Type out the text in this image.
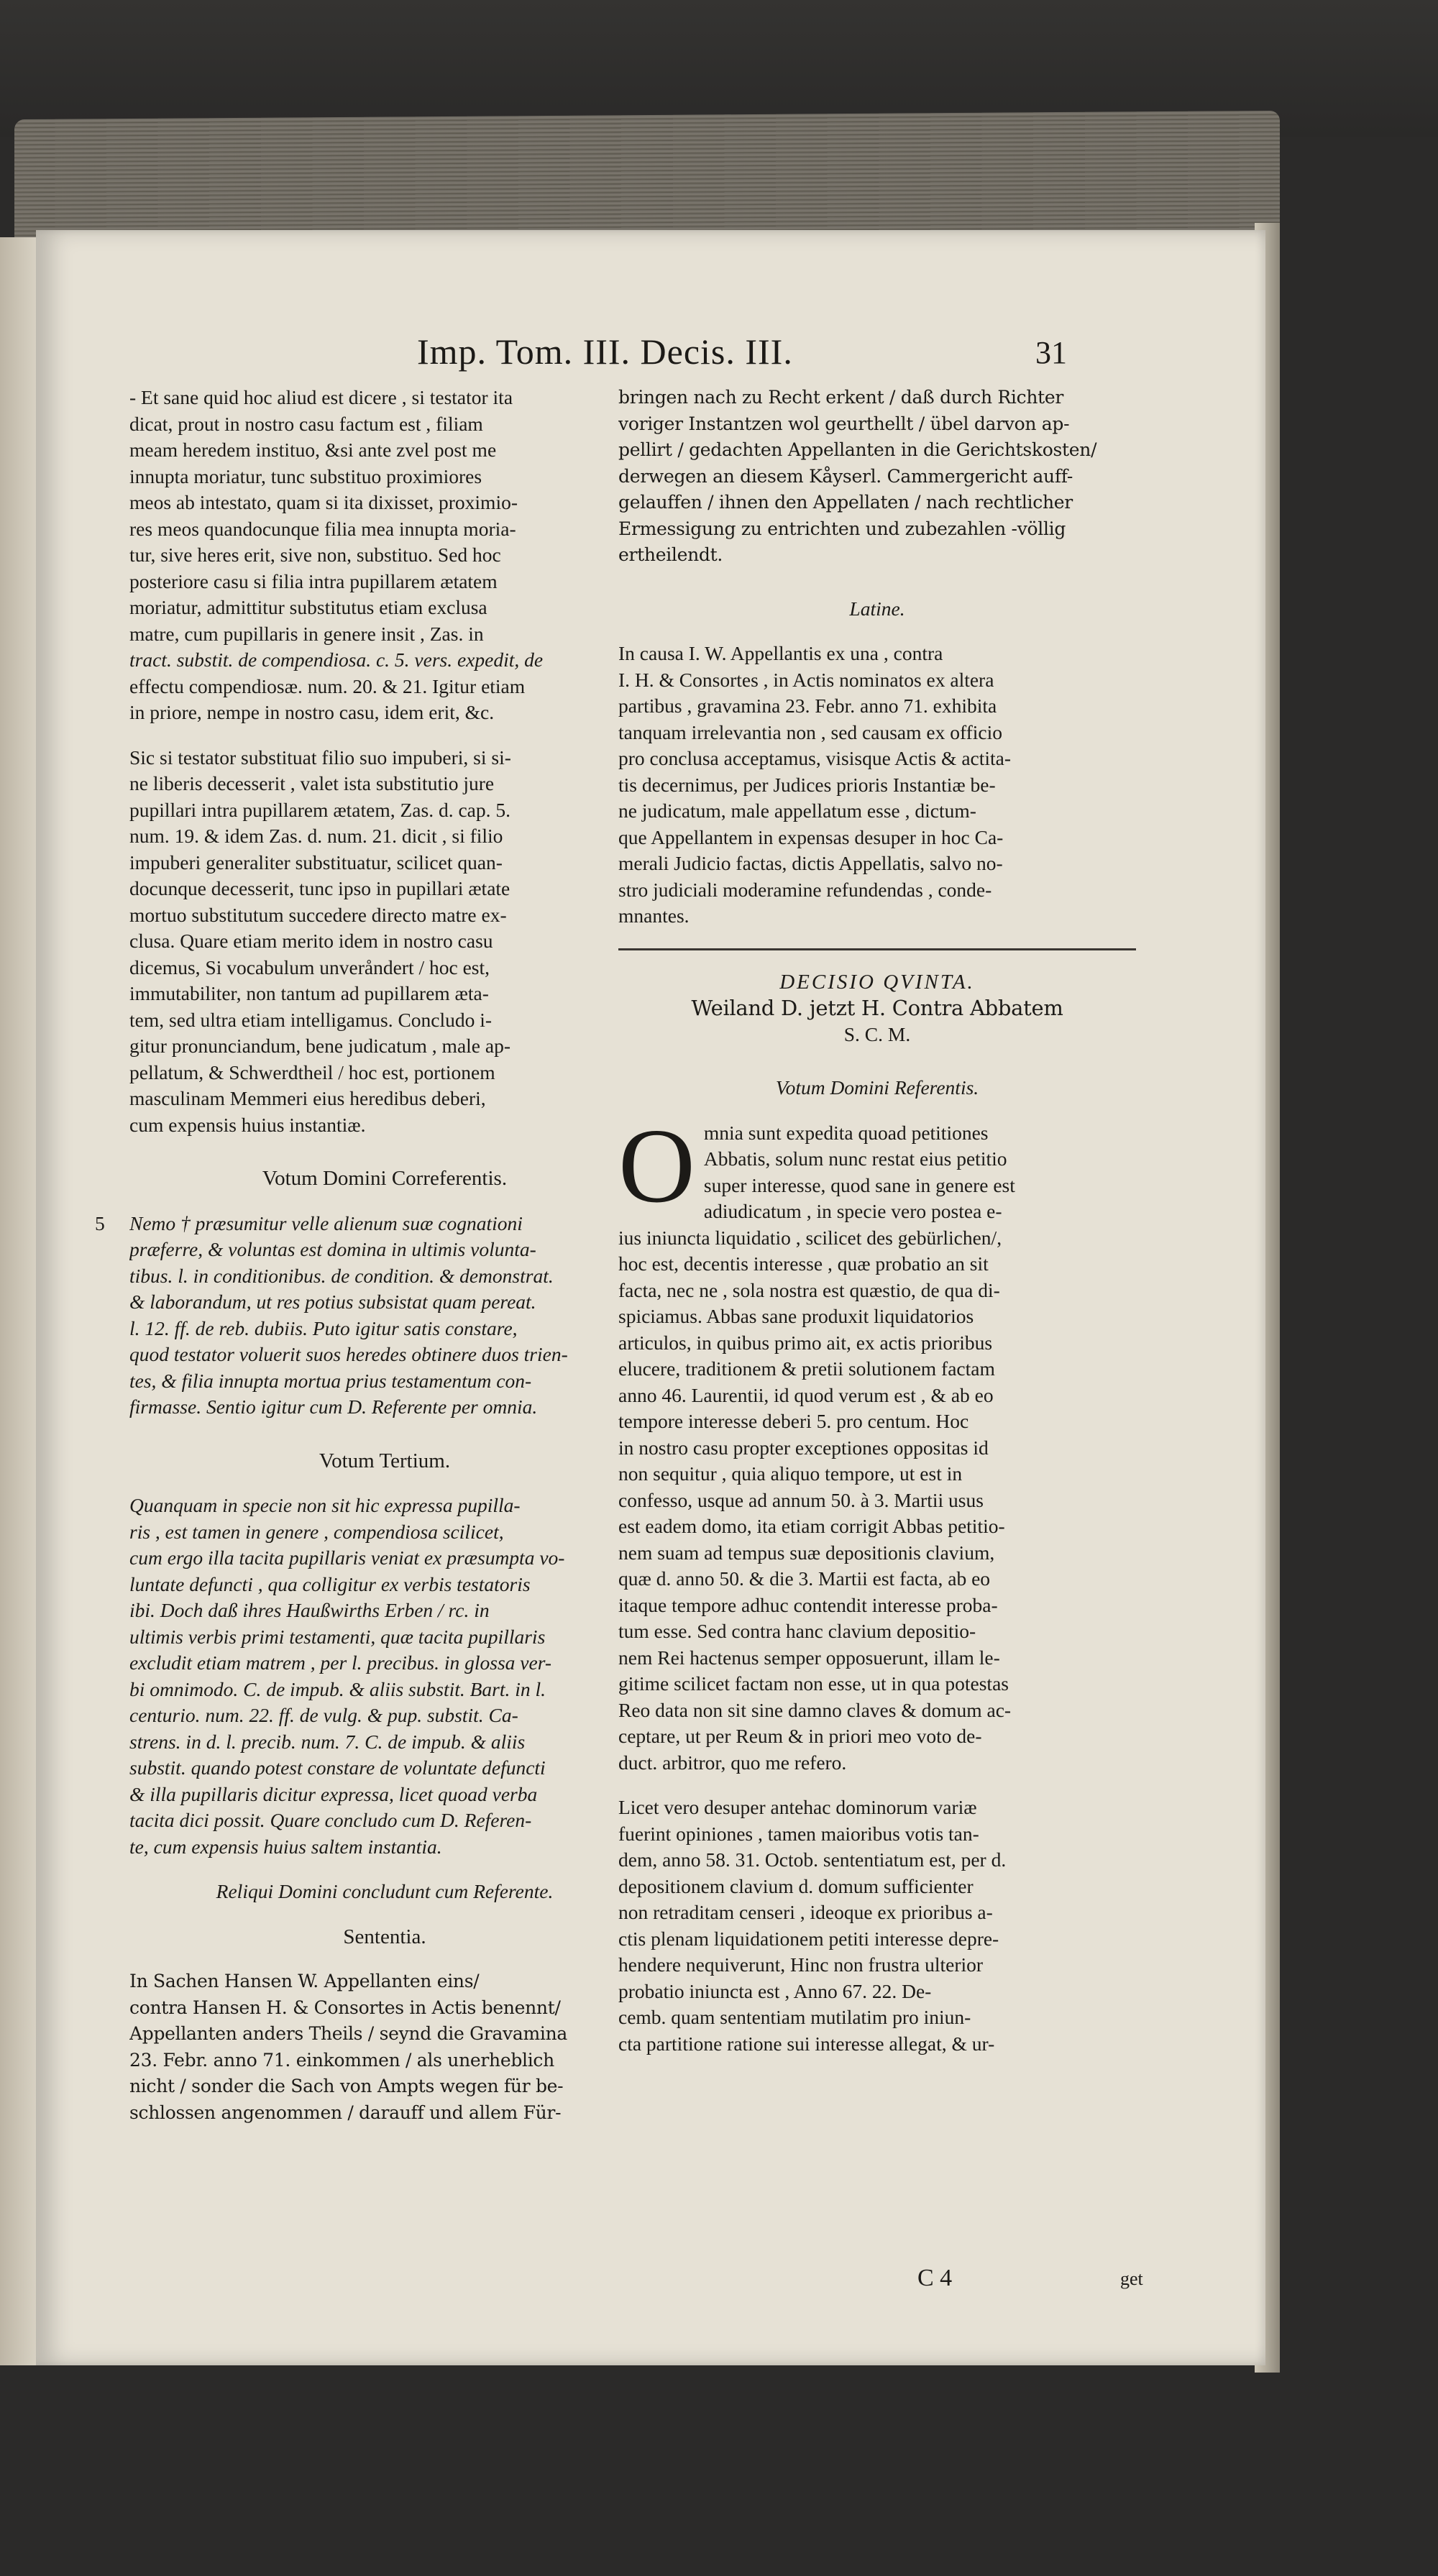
Imp. Tom. III. Decis. III.	31
- Et sane quid hoc aliud est dicere , si testator ita
dicat, prout in nostro casu factum est , filiam
meam heredem instituo, &si ante zvel post me
innupta moriatur, tunc substituo proximiores
meos ab intestato, quam si ita dixisset, proximio-
res meos quandocunque filia mea innupta moria-
tur, sive heres erit, sive non, substituo. Sed hoc
posteriore casu si filia intra pupillarem ætatem
moriatur, admittitur substitutus etiam exclusa
matre, cum pupillaris in genere insit , Zas. in
tract. substit. de compendiosa. c. 5. vers. expedit, de
effectu compendiosæ. num. 20. & 21. Igitur etiam
in priore, nempe in nostro casu, idem erit, &c.
Sic si testator substituat filio suo impuberi, si si-
ne liberis decesserit , valet ista substitutio jure
pupillari intra pupillarem ætatem, Zas. d. cap. 5.
num. 19. & idem Zas. d. num. 21. dicit , si filio
impuberi generaliter substituatur, scilicet quan-
docunque decesserit, tunc ipso in pupillari ætate
mortuo substitutum succedere directo matre ex-
clusa. Quare etiam merito idem in nostro casu
dicemus, Si vocabulum unveråndert / hoc est,
immutabiliter, non tantum ad pupillarem æta-
tem, sed ultra etiam intelligamus. Concludo i-
gitur pronunciandum, bene judicatum , male ap-
pellatum, & Schwerdtheil / hoc est, portionem
masculinam Memmeri eius heredibus deberi,
cum expensis huius instantiæ.
Votum Domini Correferentis.
5 Nemo † præsumitur velle alienum suæ cognationi
præferre, & voluntas est domina in ultimis volunta-
tibus. l. in conditionibus. de condition. & demonstrat.
& laborandum, ut res potius subsistat quam pereat.
l. 12. ff. de reb. dubiis. Puto igitur satis constare,
quod testator voluerit suos heredes obtinere duos trien-
tes, & filia innupta mortua prius testamentum con-
firmasse. Sentio igitur cum D. Referente per omnia.
Votum Tertium.
Quanquam in specie non sit hic expressa pupilla-
ris , est tamen in genere , compendiosa scilicet,
cum ergo illa tacita pupillaris veniat ex præsumpta vo-
luntate defuncti , qua colligitur ex verbis testatoris
ibi. Doch daß ihres Haußwirths Erben / rc. in
ultimis verbis primi testamenti, quæ tacita pupillaris
excludit etiam matrem , per l. precibus. in glossa ver-
bi omnimodo. C. de impub. & aliis substit. Bart. in l.
centurio. num. 22. ff. de vulg. & pup. substit. Ca-
strens. in d. l. precib. num. 7. C. de impub. & aliis
substit. quando potest constare de voluntate defuncti
& illa pupillaris dicitur expressa, licet quoad verba
tacita dici possit. Quare concludo cum D. Referen-
te, cum expensis huius saltem instantia.
Reliqui Domini concludunt cum Referente.
Sententia.
In Sachen Hansen W. Appellanten eins/
contra Hansen H. & Consortes in Actis benennt/
Appellanten anders Theils / seynd die Gravamina
23. Febr. anno 71. einkommen / als unerheblich
nicht / sonder die Sach von Ampts wegen für be-
schlossen angenommen / darauff und allem Für-
bringen nach zu Recht erkent / daß durch Richter
voriger Instantzen wol geurthellt / übel darvon ap-
pellirt / gedachten Appellanten in die Gerichtskosten/
derwegen an diesem Kåyserl. Cammergericht auff-
gelauffen / ihnen den Appellaten / nach rechtlicher
Ermessigung zu entrichten und zubezahlen -völlig
ertheilendt.
Latine.
In causa I. W. Appellantis ex una , contra
I. H. & Consortes , in Actis nominatos ex altera
partibus , gravamina 23. Febr. anno 71. exhibita
tanquam irrelevantia non , sed causam ex officio
pro conclusa acceptamus, visisque Actis & actita-
tis decernimus, per Judices prioris Instantiæ be-
ne judicatum, male appellatum esse , dictum-
que Appellantem in expensas desuper in hoc Ca-
merali Judicio factas, dictis Appellatis, salvo no-
stro judiciali moderamine refundendas , conde-
mnantes.
DECISIO QVINTA.
Weiland D. jetzt H. Contra Abbatem
S. C. M.
Votum Domini Referentis.
O mnia sunt expedita quoad petitiones
Abbatis, solum nunc restat eius petitio
super interesse, quod sane in genere est
adiudicatum , in specie vero postea e-
ius iniuncta liquidatio , scilicet des gebürlichen/,
hoc est, decentis interesse , quæ probatio an sit
facta, nec ne , sola nostra est quæstio, de qua di-
spiciamus. Abbas sane produxit liquidatorios
articulos, in quibus primo ait, ex actis prioribus
elucere, traditionem & pretii solutionem factam
anno 46. Laurentii, id quod verum est , & ab eo
tempore interesse deberi 5. pro centum. Hoc
in nostro casu propter exceptiones oppositas id
non sequitur , quia aliquo tempore, ut est in
confesso, usque ad annum 50. à 3. Martii usus
est eadem domo, ita etiam corrigit Abbas petitio-
nem suam ad tempus suæ depositionis clavium,
quæ d. anno 50. & die 3. Martii est facta, ab eo
itaque tempore adhuc contendit interesse proba-
tum esse. Sed contra hanc clavium depositio-
nem Rei hactenus semper opposuerunt, illam le-
gitime scilicet factam non esse, ut in qua potestas
Reo data non sit sine damno claves & domum ac-
ceptare, ut per Reum & in priori meo voto de-
duct. arbitror, quo me refero.
Licet vero desuper antehac dominorum variæ
fuerint opiniones , tamen maioribus votis tan-
dem, anno 58. 31. Octob. sententiatum est, per d.
depositionem clavium d. domum sufficienter
non retraditam censeri , ideoque ex prioribus a-
ctis plenam liquidationem petiti interesse depre-
hendere nequiverunt, Hinc non frustra ulterior
probatio iniuncta est , Anno 67. 22. De-
cemb. quam sententiam mutilatim pro iniun-
cta partitione ratione sui interesse allegat, & ur-
C 4	get
